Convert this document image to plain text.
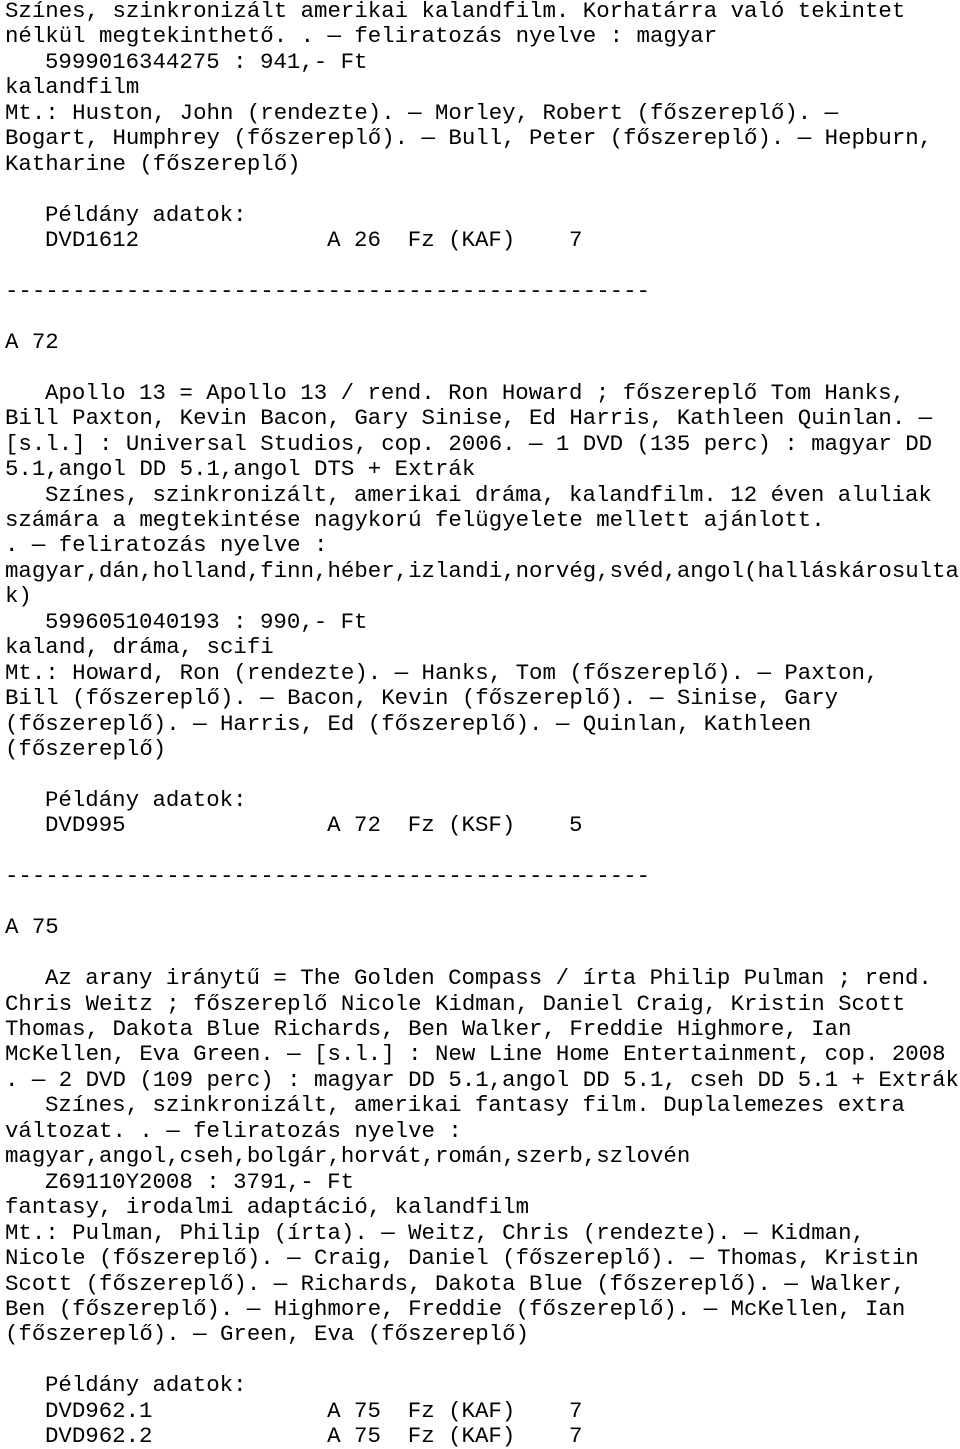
Színes, szinkronizált amerikai kalandfilm. Korhatárra való tekintet
nélkül megtekinthető. . — feliratozás nyelve : magyar
5999016344275 : 941,- Ft
kalandfilm
Mt.: Huston, John (rendezte). — Morley, Robert (főszereplő). —
Bogart, Humphrey (főszereplő). — Bull, Peter (főszereplő). — Hepburn,
Katharine (főszereplő)
Példány adatok:
DVD1612              A 26  Fz (KAF)    7
------------------------------------------------
A 72
Apollo 13 = Apollo 13 / rend. Ron Howard ; főszereplő Tom Hanks,
Bill Paxton, Kevin Bacon, Gary Sinise, Ed Harris, Kathleen Quinlan. —
[s.l.] : Universal Studios, cop. 2006. — 1 DVD (135 perc) : magyar DD
5.1,angol DD 5.1,angol DTS + Extrák
Színes, szinkronizált, amerikai dráma, kalandfilm. 12 éven aluliak
számára a megtekintése nagykorú felügyelete mellett ajánlott.
. — feliratozás nyelve :
magyar,dán,holland,finn,héber,izlandi,norvég,svéd,angol(halláskárosulta
k)
5996051040193 : 990,- Ft
kaland, dráma, scifi
Mt.: Howard, Ron (rendezte). — Hanks, Tom (főszereplő). — Paxton,
Bill (főszereplő). — Bacon, Kevin (főszereplő). — Sinise, Gary
(főszereplő). — Harris, Ed (főszereplő). — Quinlan, Kathleen
(főszereplő)
Példány adatok:
DVD995               A 72  Fz (KSF)    5
------------------------------------------------
A 75
Az arany iránytű = The Golden Compass / írta Philip Pulman ; rend.
Chris Weitz ; főszereplő Nicole Kidman, Daniel Craig, Kristin Scott
Thomas, Dakota Blue Richards, Ben Walker, Freddie Highmore, Ian
McKellen, Eva Green. — [s.l.] : New Line Home Entertainment, cop. 2008
. — 2 DVD (109 perc) : magyar DD 5.1,angol DD 5.1, cseh DD 5.1 + Extrák
Színes, szinkronizált, amerikai fantasy film. Duplalemezes extra
változat. . — feliratozás nyelve :
magyar,angol,cseh,bolgár,horvát,román,szerb,szlovén
Z69110Y2008 : 3791,- Ft
fantasy, irodalmi adaptáció, kalandfilm
Mt.: Pulman, Philip (írta). — Weitz, Chris (rendezte). — Kidman,
Nicole (főszereplő). — Craig, Daniel (főszereplő). — Thomas, Kristin
Scott (főszereplő). — Richards, Dakota Blue (főszereplő). — Walker,
Ben (főszereplő). — Highmore, Freddie (főszereplő). — McKellen, Ian
(főszereplő). — Green, Eva (főszereplő)
Példány adatok:
DVD962.1             A 75  Fz (KAF)    7
DVD962.2             A 75  Fz (KAF)    7
